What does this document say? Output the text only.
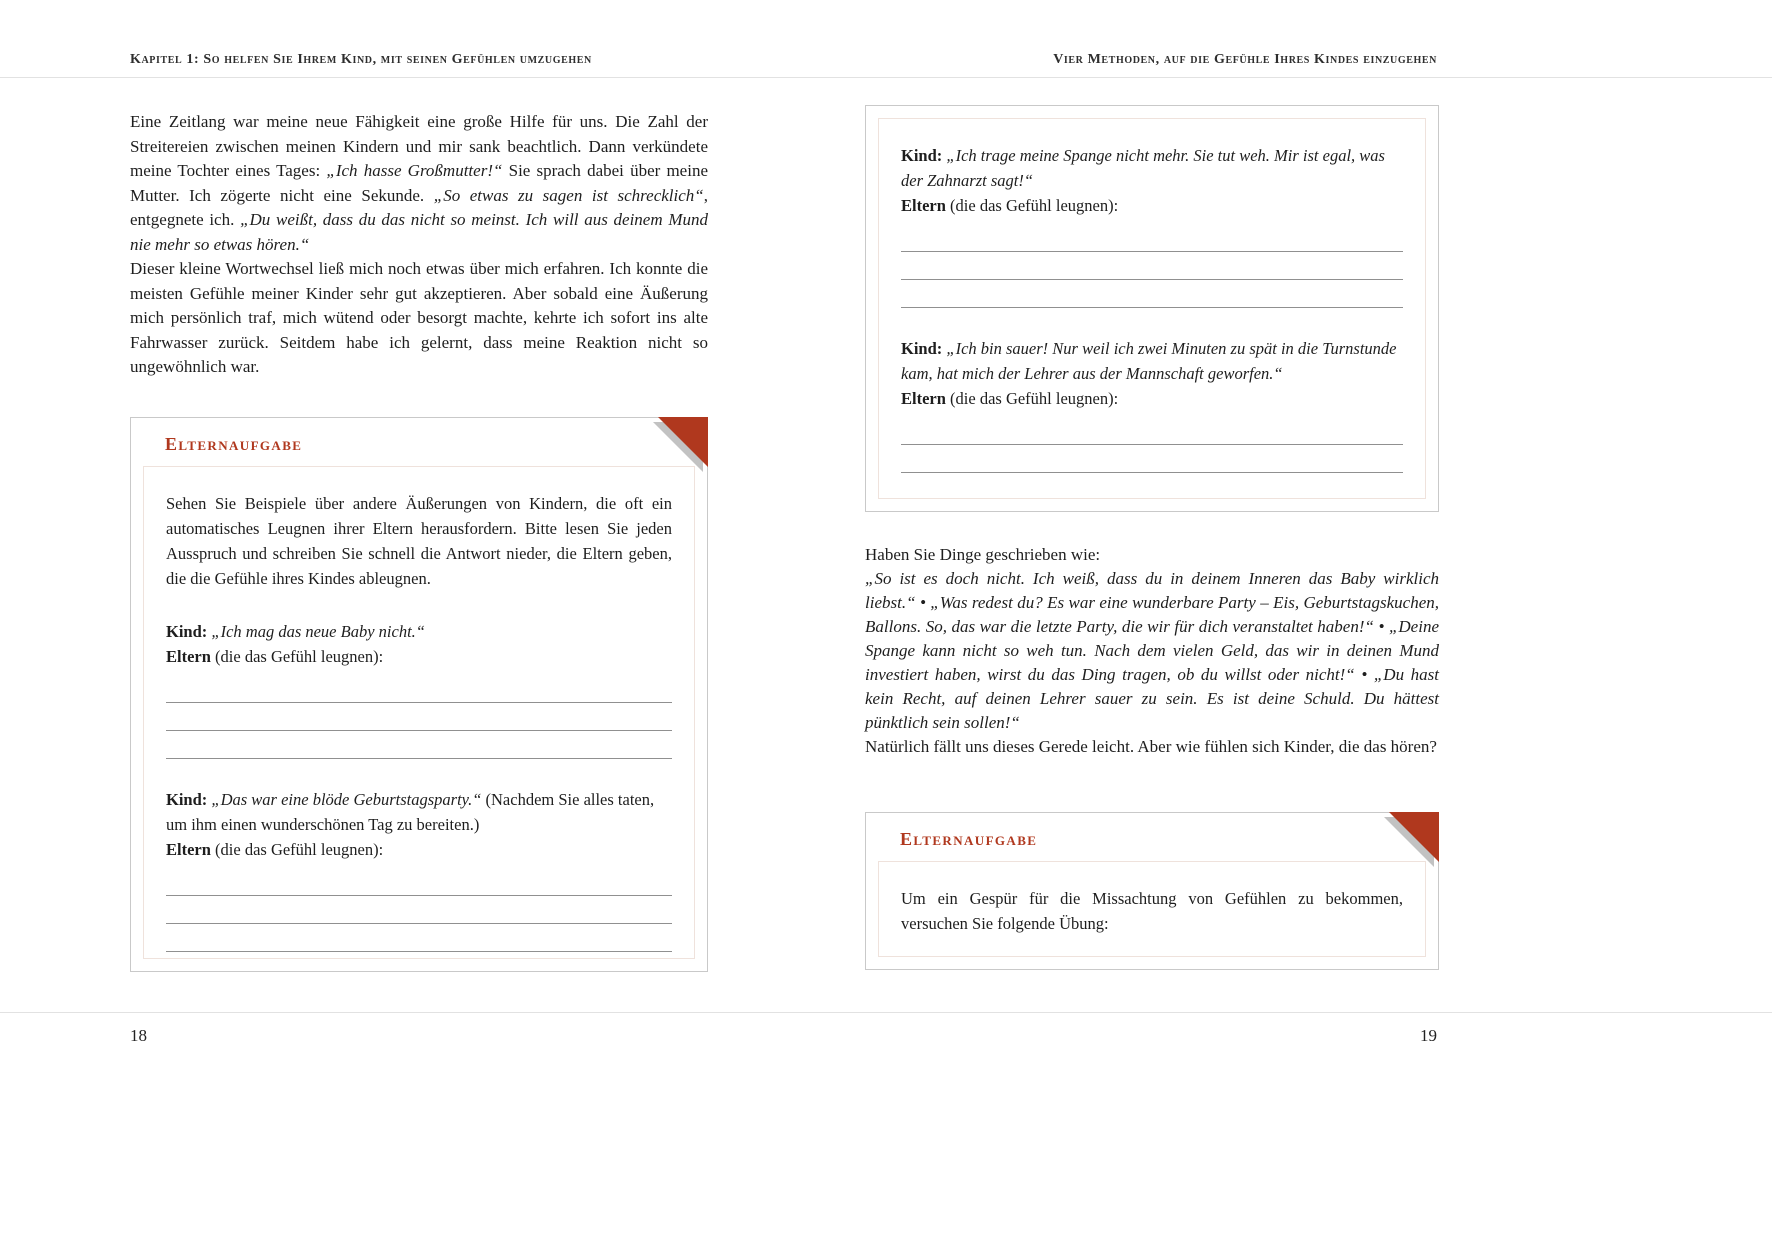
Kapitel 1: So helfen Sie Ihrem Kind, mit seinen Gefühlen umzugehen	Vier Methoden, auf die Gefühle Ihres Kindes einzugehen

Eine Zeitlang war meine neue Fähigkeit eine große Hilfe für uns. Die Zahl der Streitereien zwischen meinen Kindern und mir sank beachtlich. Dann verkündete meine Tochter eines Tages: „Ich hasse Großmutter!“ Sie sprach dabei über meine Mutter. Ich zögerte nicht eine Sekunde. „So etwas zu sagen ist schrecklich“, entgegnete ich. „Du weißt, dass du das nicht so meinst. Ich will aus deinem Mund nie mehr so etwas hören.“

Dieser kleine Wortwechsel ließ mich noch etwas über mich erfahren. Ich konnte die meisten Gefühle meiner Kinder sehr gut akzeptieren. Aber sobald eine Äußerung mich persönlich traf, mich wütend oder besorgt machte, kehrte ich sofort ins alte Fahrwasser zurück. Seitdem habe ich gelernt, dass meine Reaktion nicht so ungewöhnlich war.

Elternaufgabe

Sehen Sie Beispiele über andere Äußerungen von Kindern, die oft ein automatisches Leugnen ihrer Eltern herausfordern. Bitte lesen Sie jeden Ausspruch und schreiben Sie schnell die Antwort nieder, die Eltern geben, die die Gefühle ihres Kindes ableugnen.

Kind: „Ich mag das neue Baby nicht.“

Eltern (die das Gefühl leugnen):

Kind: „Das war eine blöde Geburtstagsparty.“ (Nachdem Sie alles taten, um ihm einen wunderschönen Tag zu bereiten.)

Eltern (die das Gefühl leugnen):

Kind: „Ich trage meine Spange nicht mehr. Sie tut weh. Mir ist egal, was der Zahnarzt sagt!“

Eltern (die das Gefühl leugnen):

Kind: „Ich bin sauer! Nur weil ich zwei Minuten zu spät in die Turnstunde kam, hat mich der Lehrer aus der Mannschaft geworfen.“

Eltern (die das Gefühl leugnen):

Haben Sie Dinge geschrieben wie:

„So ist es doch nicht. Ich weiß, dass du in deinem Inneren das Baby wirklich liebst.“ • „Was redest du? Es war eine wunderbare Party – Eis, Geburtstagskuchen, Ballons. So, das war die letzte Party, die wir für dich veranstaltet haben!“ • „Deine Spange kann nicht so weh tun. Nach dem vielen Geld, das wir in deinen Mund investiert haben, wirst du das Ding tragen, ob du willst oder nicht!“ • „Du hast kein Recht, auf deinen Lehrer sauer zu sein. Es ist deine Schuld. Du hättest pünktlich sein sollen!“

Natürlich fällt uns dieses Gerede leicht. Aber wie fühlen sich Kinder, die das hören?

Elternaufgabe

Um ein Gespür für die Missachtung von Gefühlen zu bekommen, versuchen Sie folgende Übung:

18	19
